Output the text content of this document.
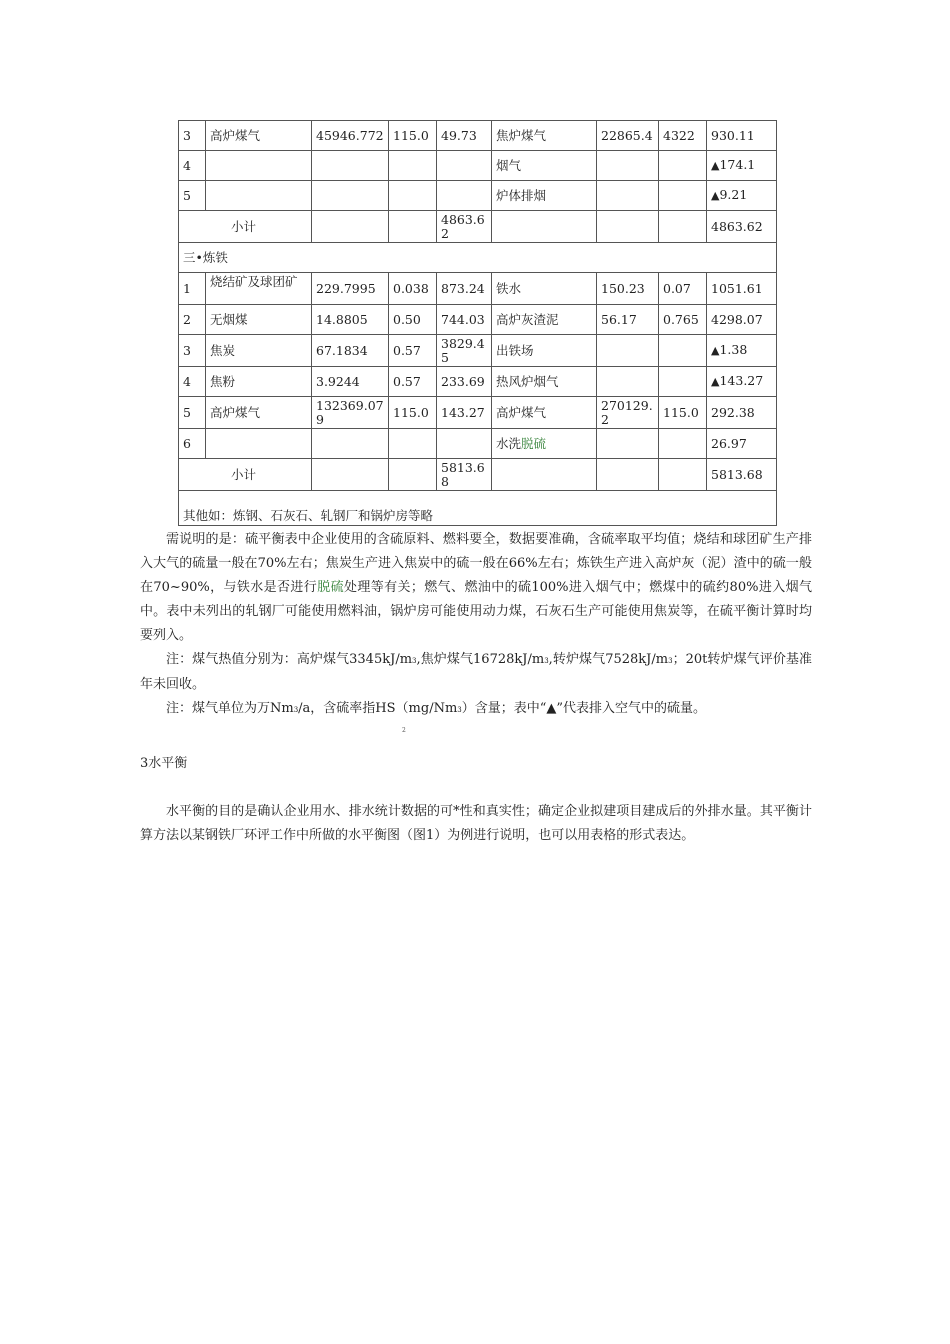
3	高炉煤气	45946.772	115.0	49.73	焦炉煤气	22865.4	4322	930.11
4					烟气			▲174.1
5					炉体排烟			▲9.21
小计				4863.62				4863.62
三•炼铁								
1	烧结矿及球团矿	229.7995	0.038	873.24	铁水	150.23	0.07	1051.61
2	无烟煤	14.8805	0.50	744.03	高炉灰渣泥	56.17	0.765	4298.07
3	焦炭	67.1834	0.57	3829.45	出铁场			▲1.38
4	焦粉	3.9244	0.57	233.69	热风炉烟气			▲143.27
5	高炉煤气	132369.079	115.0	143.27	高炉煤气	270129.2	115.0	292.38
6					水洗脱硫			26.97
小计				5813.68				5813.68
其他如：炼钢、石灰石、轧钢厂和锅炉房等略								

需说明的是：硫平衡表中企业使用的含硫原料、燃料要全，数据要准确，含硫率取平均值；烧结和球团矿生产排入大气的硫量一般在70%左右；焦炭生产进入焦炭中的硫一般在66%左右；炼铁生产进入高炉灰（泥）渣中的硫一般在70~90%，与铁水是否进行脱硫处理等有关；燃气、燃油中的硫100%进入烟气中；燃煤中的硫约80%进入烟气中。表中未列出的轧钢厂可能使用燃料油，锅炉房可能使用动力煤，石灰石生产可能使用焦炭等，在硫平衡计算时均要列入。

注：煤气热值分别为：高炉煤气3345kJ/m3,焦炉煤气16728kJ/m3,转炉煤气7528kJ/m3；20t转炉煤气评价基准年未回收。

注：煤气单位为万Nm3/a，含硫率指HS（mg/Nm3）含量；表中“▲”代表排入空气中的硫量。

2
3水平衡

水平衡的目的是确认企业用水、排水统计数据的可*性和真实性；确定企业拟建项目建成后的外排水量。其平衡计算方法以某钢铁厂环评工作中所做的水平衡图（图1）为例进行说明，也可以用表格的形式表达。
